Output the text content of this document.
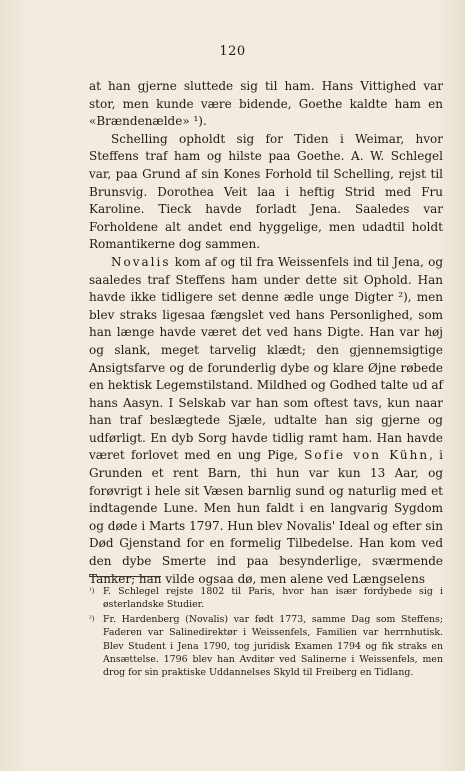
120

at han gjerne sluttede sig til ham. Hans Vittighed var stor, men kunde være bidende, Goethe kaldte ham en «Brændenælde» ¹).

Schelling opholdt sig for Tiden i Weimar, hvor Steffens traf ham og hilste paa Goethe. A. W. Schlegel var, paa Grund af sin Kones Forhold til Schelling, rejst til Brunsvig. Dorothea Veit laa i heftig Strid med Fru Karoline. Tieck havde forladt Jena. Saaledes var Forholdene alt andet end hyggelige, men udadtil holdt Romantikerne dog sammen.

Novalis kom af og til fra Weissenfels ind til Jena, og saaledes traf Steffens ham under dette sit Ophold. Han havde ikke tidligere set denne ædle unge Digter ²), men blev straks ligesaa fængslet ved hans Personlighed, som han længe havde været det ved hans Digte. Han var høj og slank, meget tarvelig klædt; den gjennemsigtige Ansigtsfarve og de forunderlig dybe og klare Øjne røbede en hektisk Legemstilstand. Mildhed og Godhed talte ud af hans Aasyn. I Selskab var han som oftest tavs, kun naar han traf beslægtede Sjæle, udtalte han sig gjerne og udførligt. En dyb Sorg havde tidlig ramt ham. Han havde været forlovet med en ung Pige, Sofie von Kühn, i Grunden et rent Barn, thi hun var kun 13 Aar, og forøvrigt i hele sit Væsen barnlig sund og naturlig med et indtagende Lune. Men hun faldt i en langvarig Sygdom og døde i Marts 1797. Hun blev Novalis' Ideal og efter sin Død Gjenstand for en formelig Tilbedelse. Han kom ved den dybe Smerte ind paa besynderlige, sværmende Tanker; han vilde ogsaa dø, men alene ved Længselens

¹) F. Schlegel rejste 1802 til Paris, hvor han især fordybede sig i østerlandske Studier.
²) Fr. Hardenberg (Novalis) var født 1773, samme Dag som Steffens; Faderen var Salinedirektør i Weissenfels, Familien var herrnhutisk. Blev Student i Jena 1790, tog juridisk Examen 1794 og fik straks en Ansættelse. 1796 blev han Avditør ved Salinerne i Weissenfels, men drog for sin praktiske Uddannelses Skyld til Freiberg en Tidlang.
